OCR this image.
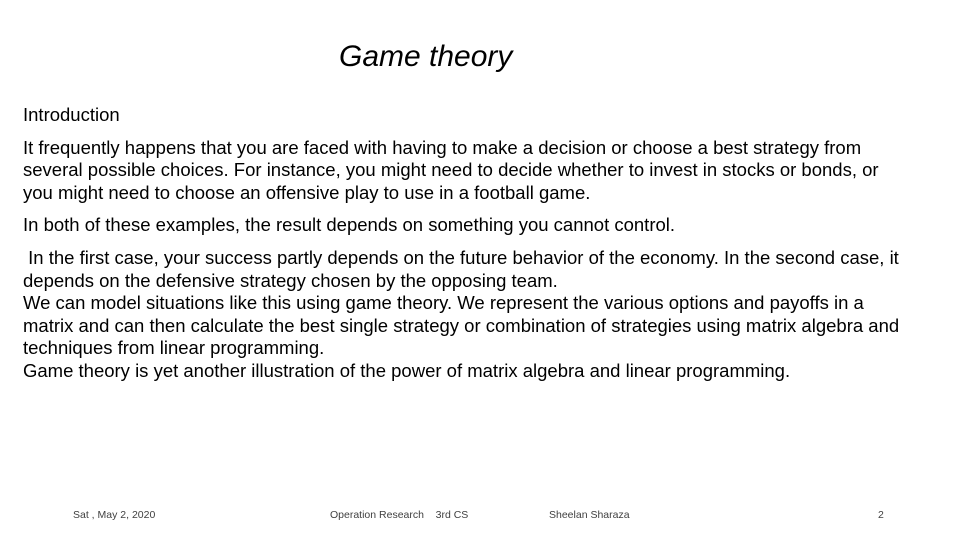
Game theory

Introduction

It frequently happens that you are faced with having to make a decision or choose a best strategy from several possible choices. For instance, you might need to decide whether to invest in stocks or bonds, or you might need to choose an offensive play to use in a football game.

In both of these examples, the result depends on something you cannot control.

In the first case, your success partly depends on the future behavior of the economy. In the second case, it depends on the defensive strategy chosen by the opposing team.

We can model situations like this using game theory. We represent the various options and payoffs in a matrix and can then calculate the best single strategy or combination of strategies using matrix algebra and techniques from linear programming.

Game theory is yet another illustration of the power of matrix algebra and linear programming.

Sat , May 2, 2020	Operation Research    3rd CS	Sheelan Sharaza	2
